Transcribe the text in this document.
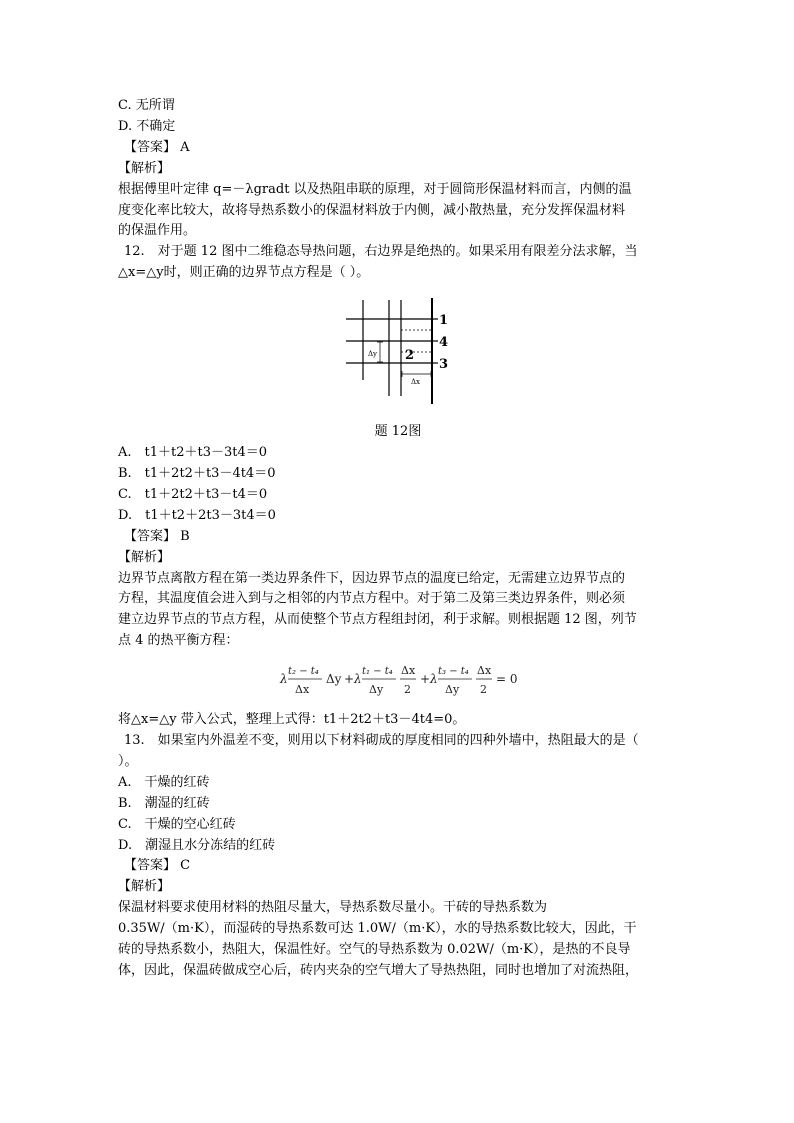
C. 无所谓
D. 不确定
【答案】 A
【解析】
根据傅里叶定律 q=－λgradt 以及热阻串联的原理，对于圆筒形保温材料而言，内侧的温
度变化率比较大，故将导热系数小的保温材料放于内侧，减小散热量，充分发挥保温材料
的保温作用。
12.　对于题 12 图中二维稳态导热问题，右边界是绝热的。如果采用有限差分法求解，当
△x=△y时，则正确的边界节点方程是（ ）。
1
4
2
3
Δy
Δx
题 12图
A.　t1＋t2＋t3－3t4＝0
B.　t1＋2t2＋t3－4t4＝0
C.　t1＋2t2＋t3－t4＝0
D.　t1＋t2＋2t3－3t4＝0
【答案】 B
【解析】
边界节点离散方程在第一类边界条件下，因边界节点的温度已给定，无需建立边界节点的
方程，其温度值会进入到与之相邻的内节点方程中。对于第二及第三类边界条件，则必须
建立边界节点的节点方程，从而使整个节点方程组封闭，利于求解。则根据题 12 图，列节
点 4 的热平衡方程：
λ
t₂ − t₄
Δx
Δy + λ
t₁ − t₄
Δy
Δx
2
+ λ
t₃ − t₄
Δy
Δx
2
= 0
将△x=△y 带入公式，整理上式得：t1＋2t2＋t3－4t4=0。
13.　如果室内外温差不变，则用以下材料砌成的厚度相同的四种外墙中，热阻最大的是（
）。
A.　干燥的红砖
B.　潮湿的红砖
C.　干燥的空心红砖
D.　潮湿且水分冻结的红砖
【答案】 C
【解析】
保温材料要求使用材料的热阻尽量大，导热系数尽量小。干砖的导热系数为
0.35W/（m·K），而湿砖的导热系数可达 1.0W/（m·K），水的导热系数比较大，因此，干
砖的导热系数小，热阻大，保温性好。空气的导热系数为 0.02W/（m·K），是热的不良导
体，因此，保温砖做成空心后，砖内夹杂的空气增大了导热热阻，同时也增加了对流热阻，
